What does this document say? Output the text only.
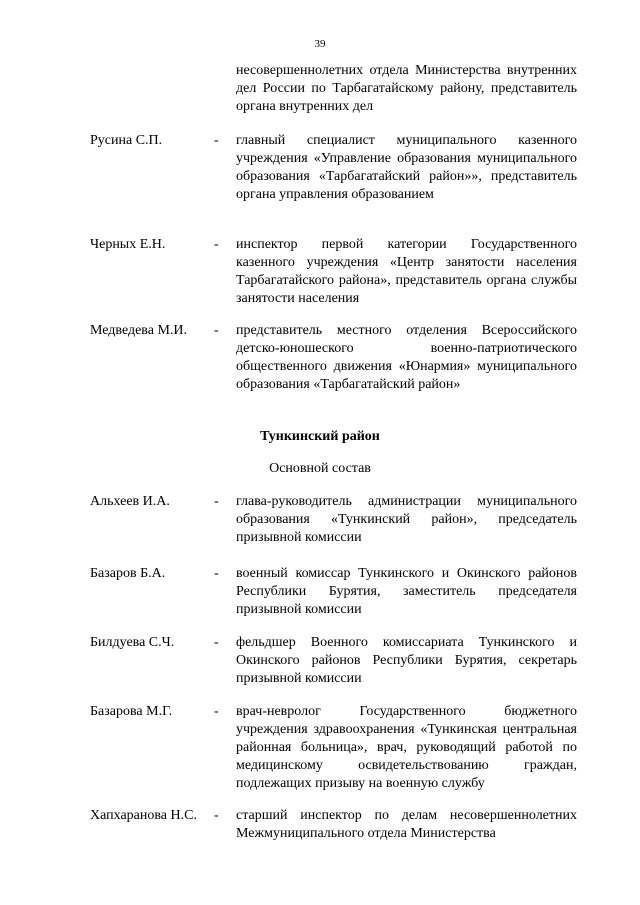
39
несовершеннолетних отдела Министерства внутренних дел России по Тарбагатайскому району, представитель органа внутренних дел
Русина С.П.	- главный специалист муниципального казенного учреждения «Управление образования муниципального образования «Тарбагатайский район»», представитель органа управления образованием
Черных Е.Н.	- инспектор первой категории Государственного казенного учреждения «Центр занятости населения Тарбагатайского района», представитель органа службы занятости населения
Медведева М.И.	- представитель местного отделения Всероссийского детско-юношеского военно-патриотического общественного движения «Юнармия» муниципального образования «Тарбагатайский район»
Тункинский район
Основной состав
Альхеев И.А.	- глава-руководитель администрации муниципального образования «Тункинский район», председатель призывной комиссии
Базаров Б.А.	- военный комиссар Тункинского и Окинского районов Республики Бурятия, заместитель председателя призывной комиссии
Билдуева С.Ч.	- фельдшер Военного комиссариата Тункинского и Окинского районов Республики Бурятия, секретарь призывной комиссии
Базарова М.Г.	- врач-невролог Государственного бюджетного учреждения здравоохранения «Тункинская центральная районная больница», врач, руководящий работой по медицинскому освидетельствованию граждан, подлежащих призыву на военную службу
Хапхаранова Н.С.	- старший инспектор по делам несовершеннолетних Межмуниципального отдела Министерства
